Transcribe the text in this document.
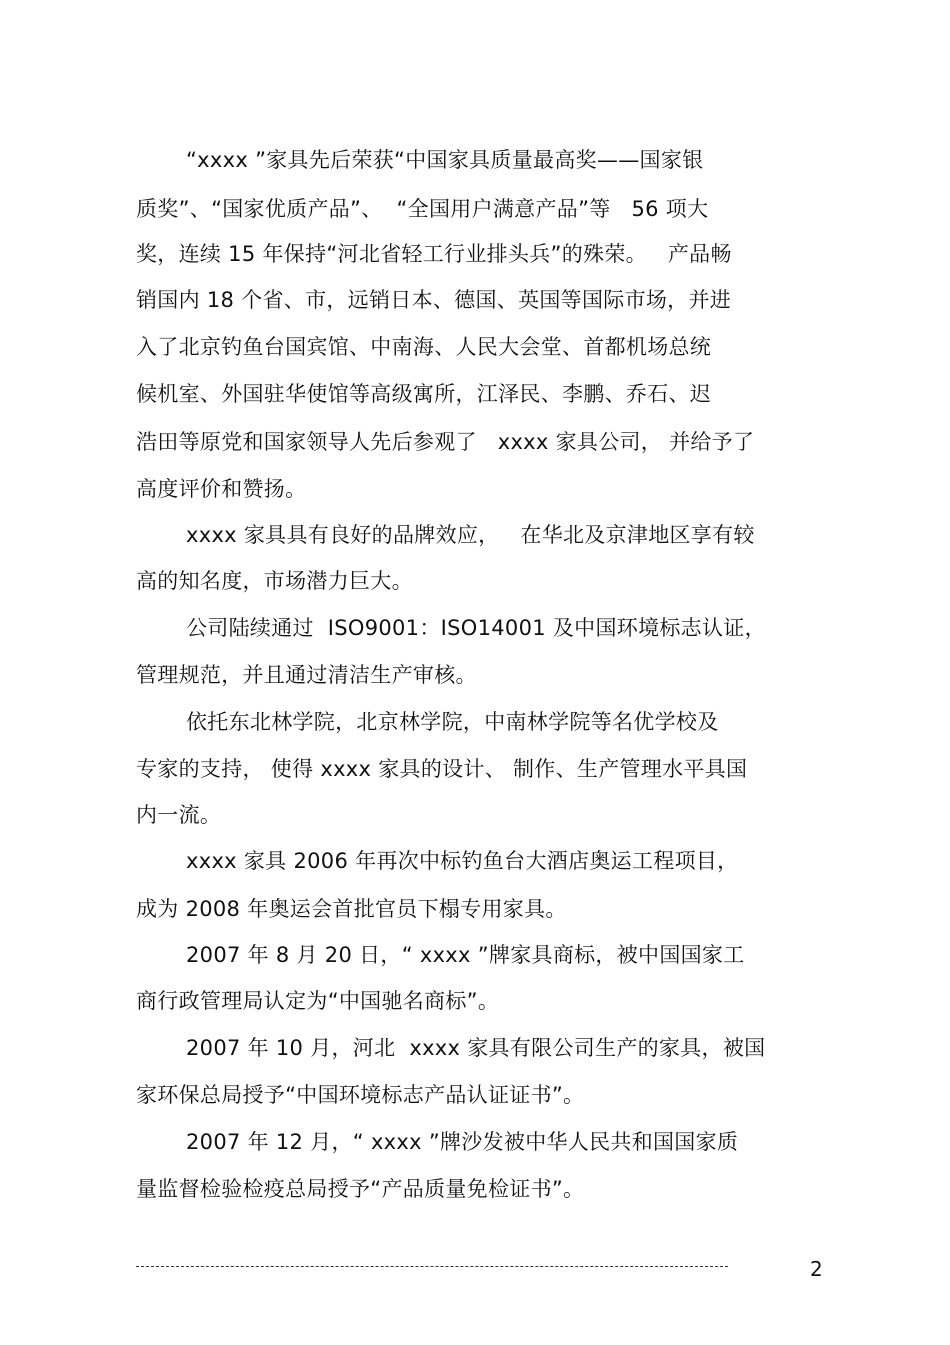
“xxxx ”家具先后荣获“中国家具质量最高奖——国家银
质奖”、“国家优质产品”、  “全国用户满意产品”等   56 项大
奖，连续 15 年保持“河北省轻工行业排头兵”的殊荣。   产品畅
销国内 18 个省、市，远销日本、德国、英国等国际市场，并进
入了北京钓鱼台国宾馆、中南海、人民大会堂、首都机场总统
候机室、外国驻华使馆等高级寓所，江泽民、李鹏、乔石、迟
浩田等原党和国家领导人先后参观了   xxxx 家具公司， 并给予了
高度评价和赞扬。
xxxx 家具具有良好的品牌效应，   在华北及京津地区享有较
高的知名度，市场潜力巨大。
公司陆续通过  ISO9001：ISO14001 及中国环境标志认证，
管理规范，并且通过清洁生产审核。
依托东北林学院，北京林学院，中南林学院等名优学校及
专家的支持， 使得 xxxx 家具的设计、 制作、生产管理水平具国
内一流。
xxxx 家具 2006 年再次中标钓鱼台大酒店奥运工程项目，
成为 2008 年奥运会首批官员下榻专用家具。
2007 年 8 月 20 日，“ xxxx ”牌家具商标，被中国国家工
商行政管理局认定为“中国驰名商标”。
2007 年 10 月，河北  xxxx 家具有限公司生产的家具，被国
家环保总局授予“中国环境标志产品认证证书”。
2007 年 12 月，“ xxxx ”牌沙发被中华人民共和国国家质
量监督检验检疫总局授予“产品质量免检证书”。
2
